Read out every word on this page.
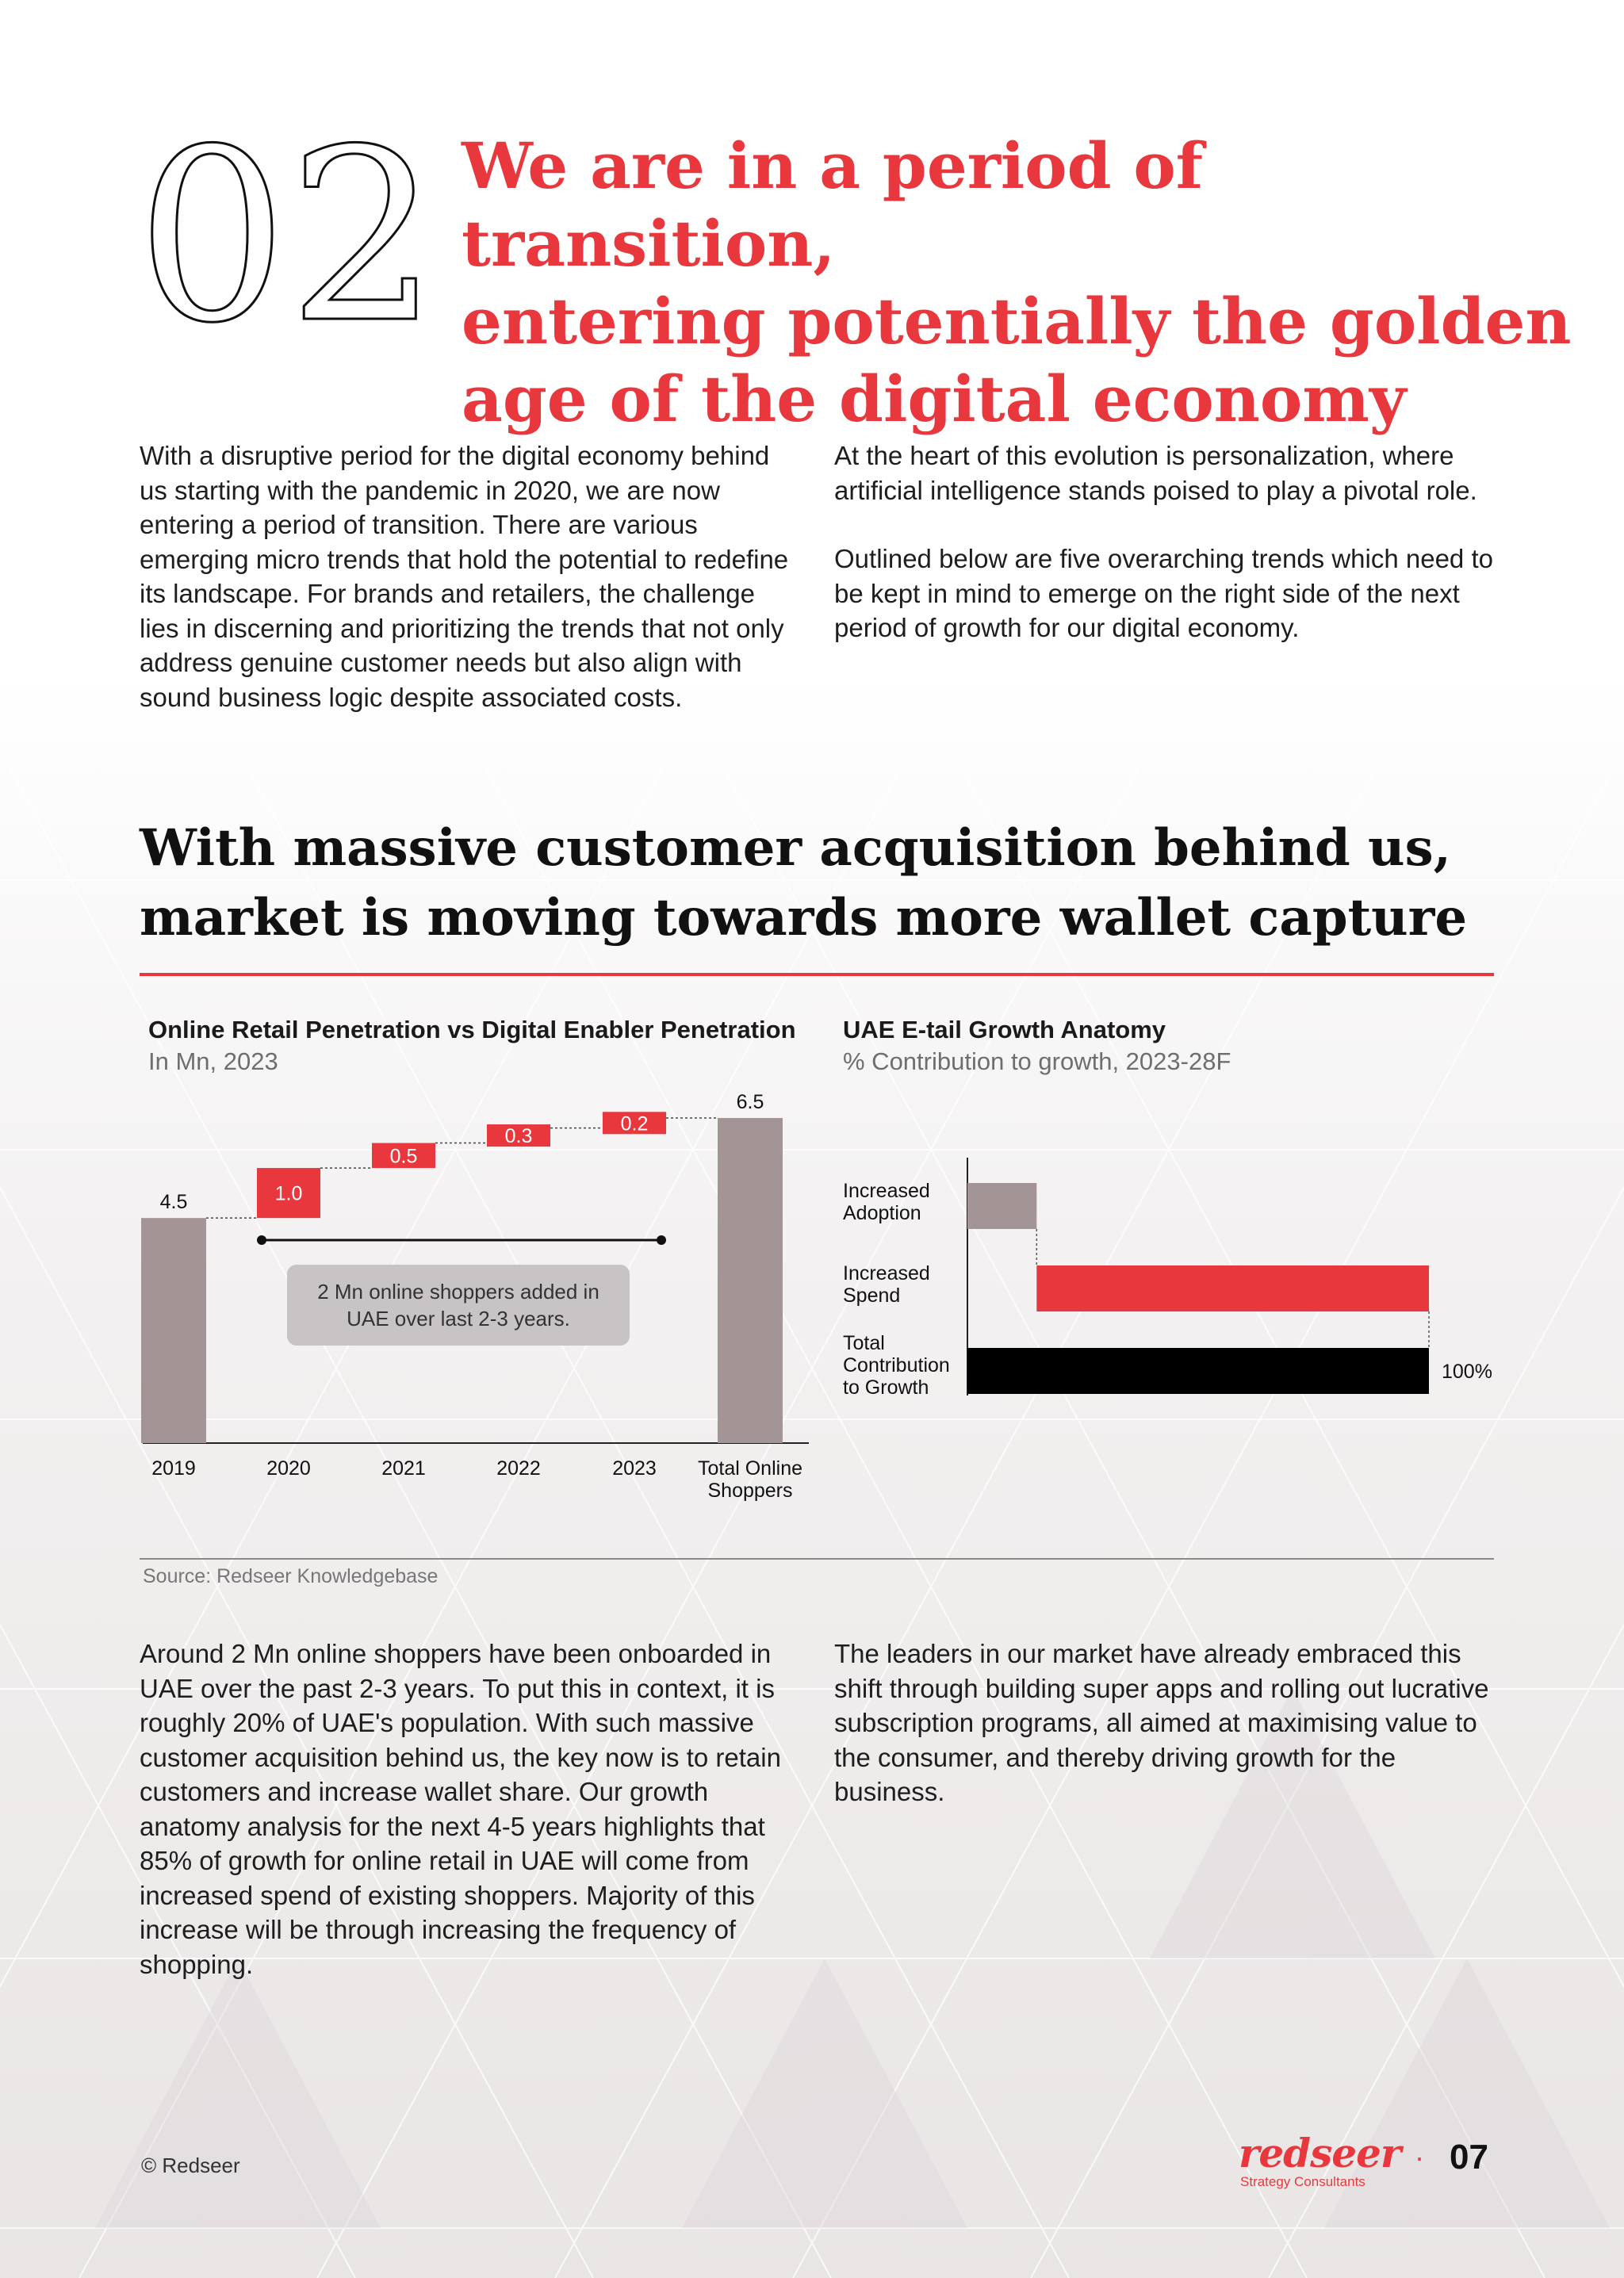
02 We are in a period of transition,
entering potentially the golden
age of the digital economy

With a disruptive period for the digital economy behind us starting with the pandemic in 2020, we are now entering a period of transition. There are various emerging micro trends that hold the potential to redefine its landscape. For brands and retailers, the challenge lies in discerning and prioritizing the trends that not only address genuine customer needs but also align with sound business logic despite associated costs.

At the heart of this evolution is personalization, where artificial intelligence stands poised to play a pivotal role.

Outlined below are five overarching trends which need to be kept in mind to emerge on the right side of the next period of growth for our digital economy.

With massive customer acquisition behind us,
market is moving towards more wallet capture
Online Retail Penetration vs Digital Enabler Penetration
In Mn, 2023
4.5	1.0
0.5
0.3
0.2
6.5
2019	2020	2021	2022	2023 Total Online
Shoppers
2 Mn online shoppers added in UAE over last 2-3 years.
UAE E-tail Growth Anatomy
% Contribution to growth, 2023-28F
Increased
Adoption
Increased
Spend
Total
Contribution
to Growth
100%
Source: Redseer Knowledgebase

Around 2 Mn online shoppers have been onboarded in UAE over the past 2-3 years. To put this in context, it is roughly 20% of UAE's population. With such massive customer acquisition behind us, the key now is to retain customers and increase wallet share. Our growth anatomy analysis for the next 4-5 years highlights that 85% of growth for online retail in UAE will come from increased spend of existing shoppers. Majority of this increase will be through increasing the frequency of shopping.

The leaders in our market have already embraced this shift through building super apps and rolling out lucrative subscription programs, all aimed at maximising value to the consumer, and thereby driving growth for the business.

© Redseer	redseer
Strategy Consultants
· 07
